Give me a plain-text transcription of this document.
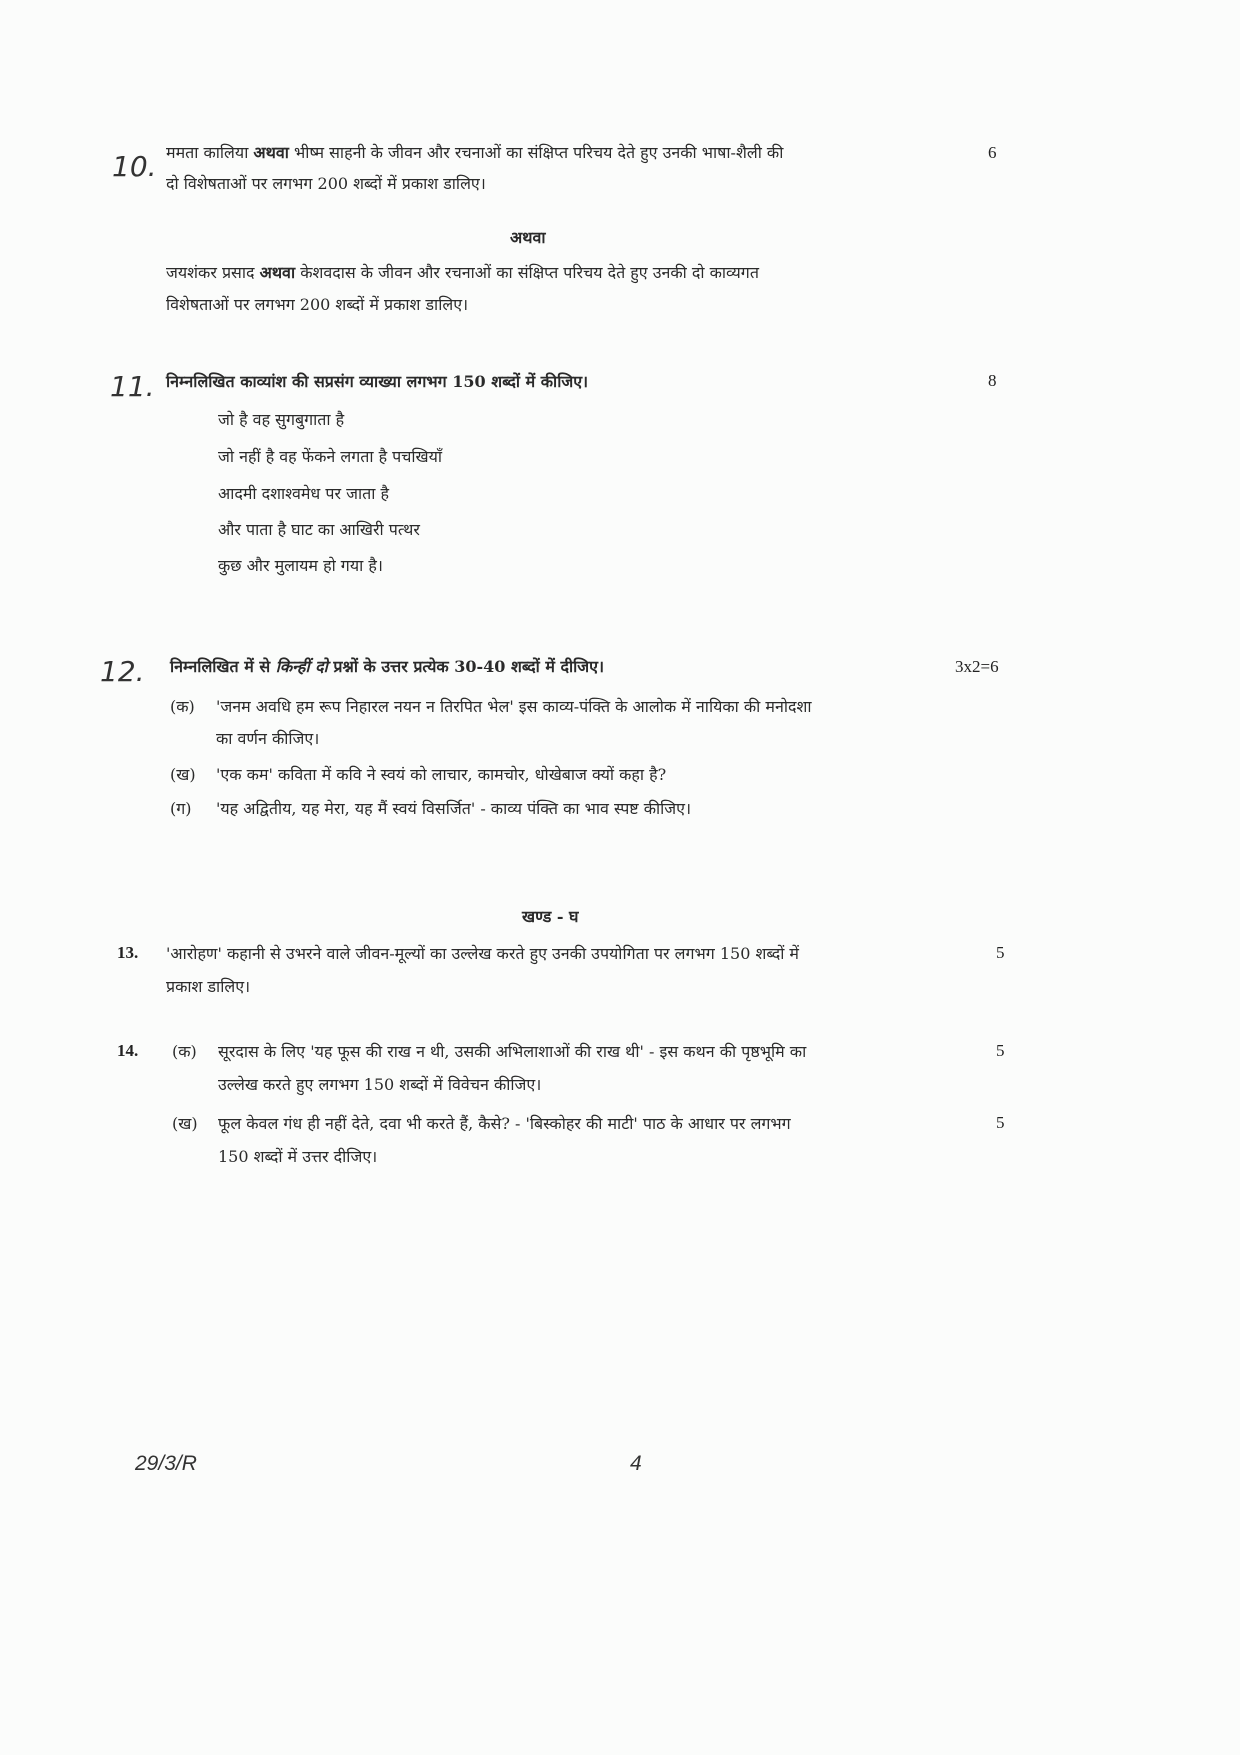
10. ममता कालिया अथवा भीष्म साहनी के जीवन और रचनाओं का संक्षिप्त परिचय देते हुए उनकी भाषा-शैली की	6
दो विशेषताओं पर लगभग 200 शब्दों में प्रकाश डालिए।
अथवा
जयशंकर प्रसाद अथवा केशवदास के जीवन और रचनाओं का संक्षिप्त परिचय देते हुए उनकी दो काव्यगत
विशेषताओं पर लगभग 200 शब्दों में प्रकाश डालिए।
11. निम्नलिखित काव्यांश की सप्रसंग व्याख्या लगभग 150 शब्दों में कीजिए।	8
जो है वह सुगबुगाता है
जो नहीं है वह फेंकने लगता है पचखियाँ
आदमी दशाश्वमेध पर जाता है
और पाता है घाट का आखिरी पत्थर
कुछ और मुलायम हो गया है।
12. निम्नलिखित में से किन्हीं दो प्रश्नों के उत्तर प्रत्येक 30-40 शब्दों में दीजिए।	3x2=6
(क) 'जनम अवधि हम रूप निहारल नयन न तिरपित भेल' इस काव्य-पंक्ति के आलोक में नायिका की मनोदशा
का वर्णन कीजिए।
(ख) 'एक कम' कविता में कवि ने स्वयं को लाचार, कामचोर, धोखेबाज क्यों कहा है?
(ग) 'यह अद्वितीय, यह मेरा, यह मैं स्वयं विसर्जित' - काव्य पंक्ति का भाव स्पष्ट कीजिए।
खण्ड - घ
13. 'आरोहण' कहानी से उभरने वाले जीवन-मूल्यों का उल्लेख करते हुए उनकी उपयोगिता पर लगभग 150 शब्दों में	5
प्रकाश डालिए।
14. (क) सूरदास के लिए 'यह फूस की राख न थी, उसकी अभिलाशाओं की राख थी' - इस कथन की पृष्ठभूमि का	5
उल्लेख करते हुए लगभग 150 शब्दों में विवेचन कीजिए।
(ख) फूल केवल गंध ही नहीं देते, दवा भी करते हैं, कैसे? - 'बिस्कोहर की माटी' पाठ के आधार पर लगभग	5
150 शब्दों में उत्तर दीजिए।
29/3/R	4
